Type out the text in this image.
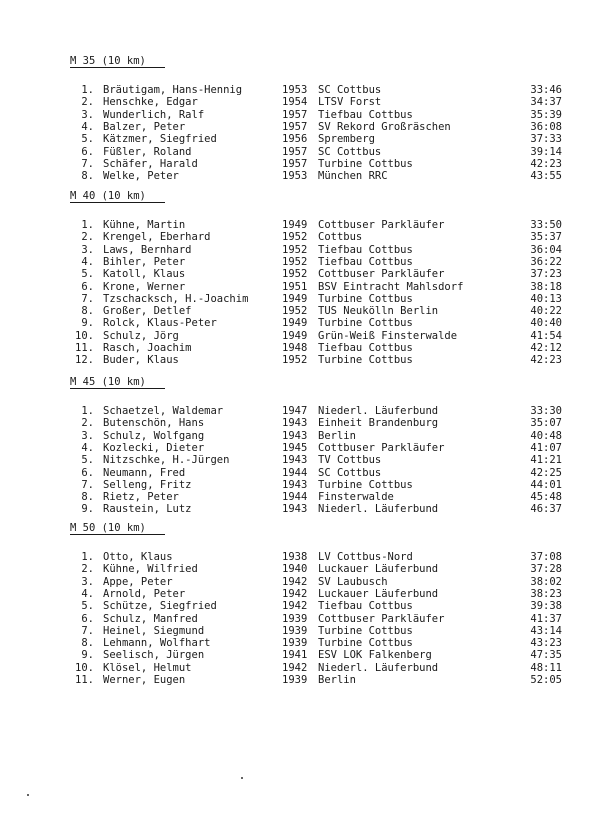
M 35 (10 km)
1. Bräutigam, Hans-Hennig	1953 SC Cottbus	33:46
2. Henschke, Edgar	1954 LTSV Forst	34:37
3. Wunderlich, Ralf	1957 Tiefbau Cottbus	35:39
4. Balzer, Peter	1957 SV Rekord Großräschen	36:08
5. Kätzmer, Siegfried	1956 Spremberg	37:33
6. Füßler, Roland	1957 SC Cottbus	39:14
7. Schäfer, Harald	1957 Turbine Cottbus	42:23
8. Welke, Peter	1953 München RRC	43:55
M 40 (10 km)
1. Kühne, Martin	1949 Cottbuser Parkläufer	33:50
2. Krengel, Eberhard	1952 Cottbus	35:37
3. Laws, Bernhard	1952 Tiefbau Cottbus	36:04
4. Bihler, Peter	1952 Tiefbau Cottbus	36:22
5. Katoll, Klaus	1952 Cottbuser Parkläufer	37:23
6. Krone, Werner	1951 BSV Eintracht Mahlsdorf	38:18
7. Tzschacksch, H.-Joachim	1949 Turbine Cottbus	40:13
8. Großer, Detlef	1952 TUS Neukölln Berlin	40:22
9. Rolck, Klaus-Peter	1949 Turbine Cottbus	40:40
10. Schulz, Jörg	1949 Grün-Weiß Finsterwalde	41:54
11. Rasch, Joachim	1948 Tiefbau Cottbus	42:12
12. Buder, Klaus	1952 Turbine Cottbus	42:23
M 45 (10 km)
1. Schaetzel, Waldemar	1947 Niederl. Läuferbund	33:30
2. Butenschön, Hans	1943 Einheit Brandenburg	35:07
3. Schulz, Wolfgang	1943 Berlin	40:48
4. Kozlecki, Dieter	1945 Cottbuser Parkläufer	41:07
5. Nitzschke, H.-Jürgen	1943 TV Cottbus	41:21
6. Neumann, Fred	1944 SC Cottbus	42:25
7. Selleng, Fritz	1943 Turbine Cottbus	44:01
8. Rietz, Peter	1944 Finsterwalde	45:48
9. Raustein, Lutz	1943 Niederl. Läuferbund	46:37
M 50 (10 km)
1. Otto, Klaus	1938 LV Cottbus-Nord	37:08
2. Kühne, Wilfried	1940 Luckauer Läuferbund	37:28
3. Appe, Peter	1942 SV Laubusch	38:02
4. Arnold, Peter	1942 Luckauer Läuferbund	38:23
5. Schütze, Siegfried	1942 Tiefbau Cottbus	39:38
6. Schulz, Manfred	1939 Cottbuser Parkläufer	41:37
7. Heinel, Siegmund	1939 Turbine Cottbus	43:14
8. Lehmann, Wolfhart	1939 Turbine Cottbus	43:23
9. Seelisch, Jürgen	1941 ESV LOK Falkenberg	47:35
10. Klösel, Helmut	1942 Niederl. Läuferbund	48:11
11. Werner, Eugen	1939 Berlin	52:05
